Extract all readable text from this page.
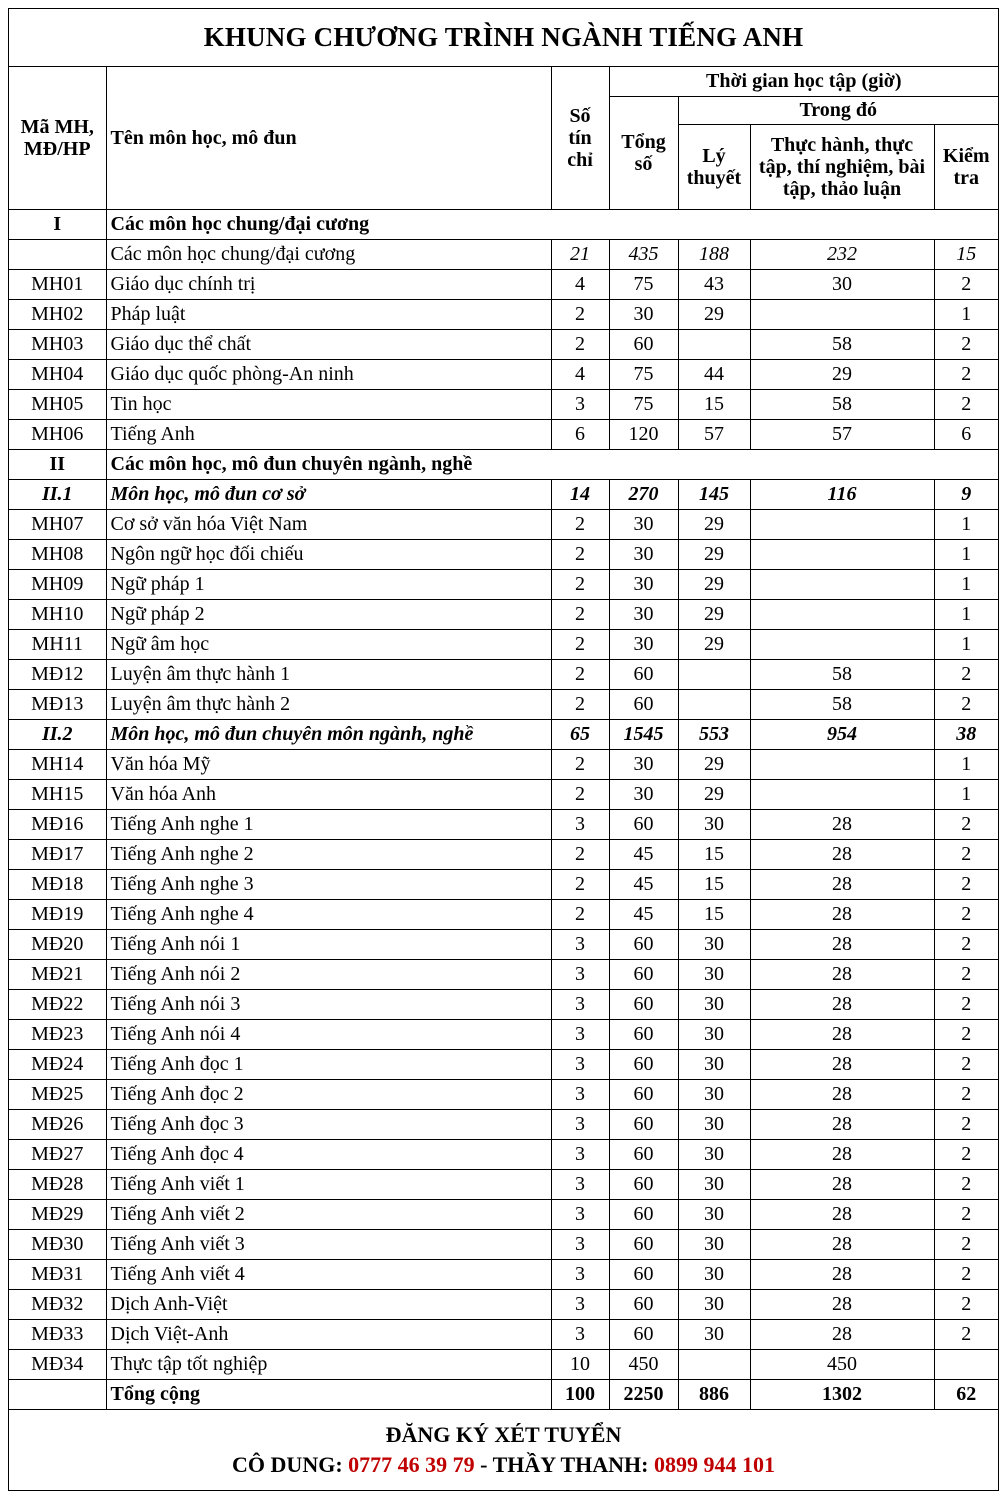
KHUNG CHƯƠNG TRÌNH NGÀNH TIẾNG ANH
Mã MH, MĐ/HP	Tên môn học, mô đun	Số tín chỉ	Thời gian học tập (giờ)			
			Tổng số	Trong đó		
				Lý thuyết	Thực hành, thực tập, thí nghiệm, bài tập, thảo luận	Kiểm tra
I	Các môn học chung/đại cương					
	Các môn học chung/đại cương	21	435	188	232	15
MH01	Giáo dục chính trị	4	75	43	30	2
MH02	Pháp luật	2	30	29		1
MH03	Giáo dục thể chất	2	60		58	2
MH04	Giáo dục quốc phòng-An ninh	4	75	44	29	2
MH05	Tin học	3	75	15	58	2
MH06	Tiếng Anh	6	120	57	57	6
II	Các môn học, mô đun chuyên ngành, nghề					
II.1	Môn học, mô đun cơ sở	14	270	145	116	9
MH07	Cơ sở văn hóa Việt Nam	2	30	29		1
MH08	Ngôn ngữ học đối chiếu	2	30	29		1
MH09	Ngữ pháp 1	2	30	29		1
MH10	Ngữ pháp 2	2	30	29		1
MH11	Ngữ âm học	2	30	29		1
MĐ12	Luyện âm thực hành 1	2	60		58	2
MĐ13	Luyện âm thực hành 2	2	60		58	2
II.2	Môn học, mô đun chuyên môn ngành, nghề	65	1545	553	954	38
MH14	Văn hóa Mỹ	2	30	29		1
MH15	Văn hóa Anh	2	30	29		1
MĐ16	Tiếng Anh nghe 1	3	60	30	28	2
MĐ17	Tiếng Anh nghe 2	2	45	15	28	2
MĐ18	Tiếng Anh nghe 3	2	45	15	28	2
MĐ19	Tiếng Anh nghe 4	2	45	15	28	2
MĐ20	Tiếng Anh nói 1	3	60	30	28	2
MĐ21	Tiếng Anh nói 2	3	60	30	28	2
MĐ22	Tiếng Anh nói 3	3	60	30	28	2
MĐ23	Tiếng Anh nói 4	3	60	30	28	2
MĐ24	Tiếng Anh đọc 1	3	60	30	28	2
MĐ25	Tiếng Anh đọc 2	3	60	30	28	2
MĐ26	Tiếng Anh đọc 3	3	60	30	28	2
MĐ27	Tiếng Anh đọc 4	3	60	30	28	2
MĐ28	Tiếng Anh viết 1	3	60	30	28	2
MĐ29	Tiếng Anh viết 2	3	60	30	28	2
MĐ30	Tiếng Anh viết 3	3	60	30	28	2
MĐ31	Tiếng Anh viết 4	3	60	30	28	2
MĐ32	Dịch Anh-Việt	3	60	30	28	2
MĐ33	Dịch Việt-Anh	3	60	30	28	2
MĐ34	Thực tập tốt nghiệp	10	450		450	
	Tổng cộng	100	2250	886	1302	62
ĐĂNG KÝ XÉT TUYỂN
CÔ DUNG: 0777 46 39 79 - THẦY THANH: 0899 944 101
